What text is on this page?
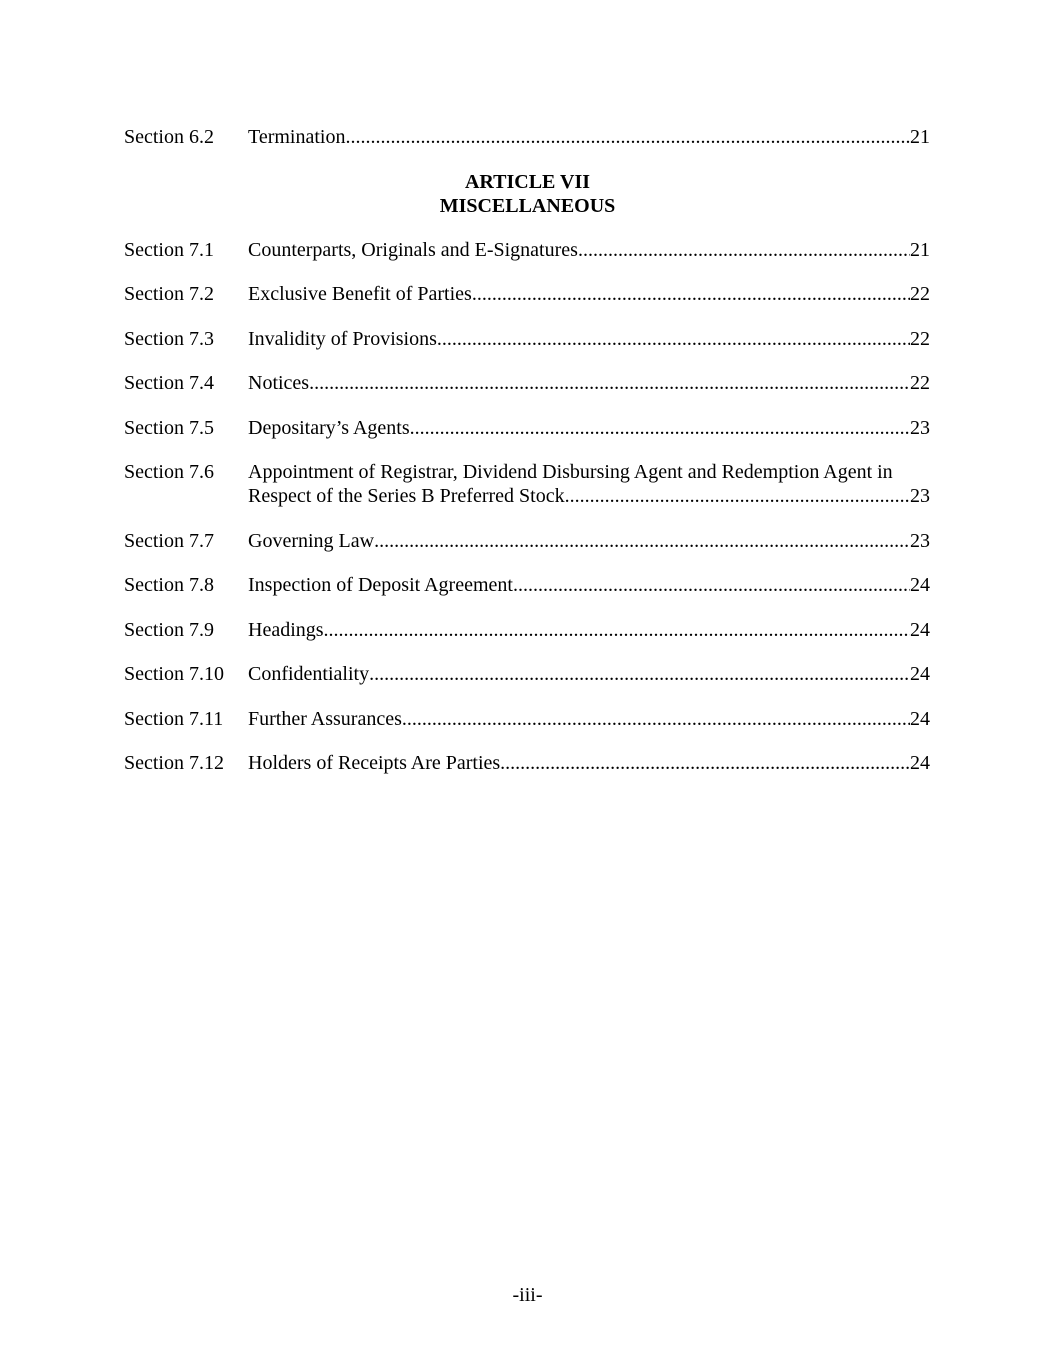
Section 6.2	Termination .....	21
ARTICLE VII
MISCELLANEOUS
Section 7.1	Counterparts, Originals and E-Signatures .....	21
Section 7.2	Exclusive Benefit of Parties .....	22
Section 7.3	Invalidity of Provisions .....	22
Section 7.4	Notices .....	22
Section 7.5	Depositary’s Agents .....	23
Section 7.6	Appointment of Registrar, Dividend Disbursing Agent and Redemption Agent in
Respect of the Series B Preferred Stock .....	23
Section 7.7	Governing Law .....	23
Section 7.8	Inspection of Deposit Agreement .....	24
Section 7.9	Headings .....	24
Section 7.10	Confidentiality .....	24
Section 7.11	Further Assurances .....	24
Section 7.12	Holders of Receipts Are Parties .....	24
-iii-
